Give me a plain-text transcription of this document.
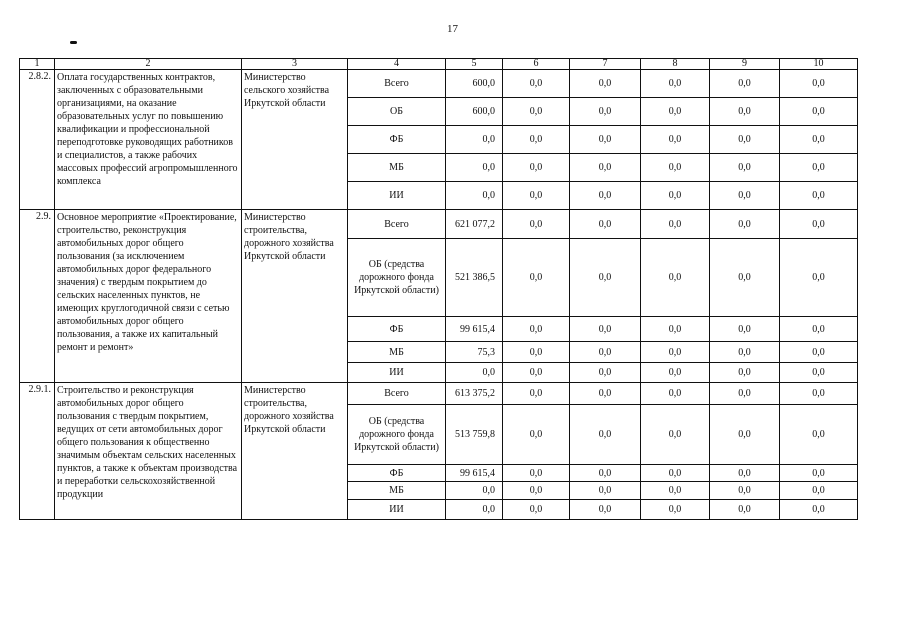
17
1	2	3	4	5	6	7	8	9	10
2.8.2.	Оплата государственных контрактов, заключенных с образовательными организациями, на оказание образовательных услуг по повышению квалификации и профессиональной переподготовке руководящих работников и специалистов, а также рабочих массовых профессий агропромышленного комплекса	Министерство сельского хозяйства Иркутской области	Всего	600,0	0,0	0,0	0,0	0,0	0,0
			ОБ	600,0	0,0	0,0	0,0	0,0	0,0
			ФБ	0,0	0,0	0,0	0,0	0,0	0,0
			МБ	0,0	0,0	0,0	0,0	0,0	0,0
			ИИ	0,0	0,0	0,0	0,0	0,0	0,0
2.9.	Основное мероприятие «Проектирование, строительство, реконструкция автомобильных дорог общего пользования (за исключением автомобильных дорог федерального значения) с твердым покрытием до сельских населенных пунктов, не имеющих круглогодичной связи с сетью автомобильных дорог общего пользования, а также их капитальный ремонт и ремонт»	Министерство строительства, дорожного хозяйства Иркутской области	Всего	621 077,2	0,0	0,0	0,0	0,0	0,0
			ОБ (средства дорожного фонда Иркутской области)	521 386,5	0,0	0,0	0,0	0,0	0,0
			ФБ	99 615,4	0,0	0,0	0,0	0,0	0,0
			МБ	75,3	0,0	0,0	0,0	0,0	0,0
			ИИ	0,0	0,0	0,0	0,0	0,0	0,0
2.9.1.	Строительство и реконструкция автомобильных дорог общего пользования с твердым покрытием, ведущих от сети автомобильных дорог общего пользования к общественно значимым объектам сельских населенных пунктов, а также к объектам производства и переработки сельскохозяйственной продукции	Министерство строительства, дорожного хозяйства Иркутской области	Всего	613 375,2	0,0	0,0	0,0	0,0	0,0
			ОБ (средства дорожного фонда Иркутской области)	513 759,8	0,0	0,0	0,0	0,0	0,0
			ФБ	99 615,4	0,0	0,0	0,0	0,0	0,0
			МБ	0,0	0,0	0,0	0,0	0,0	0,0
			ИИ	0,0	0,0	0,0	0,0	0,0	0,0
